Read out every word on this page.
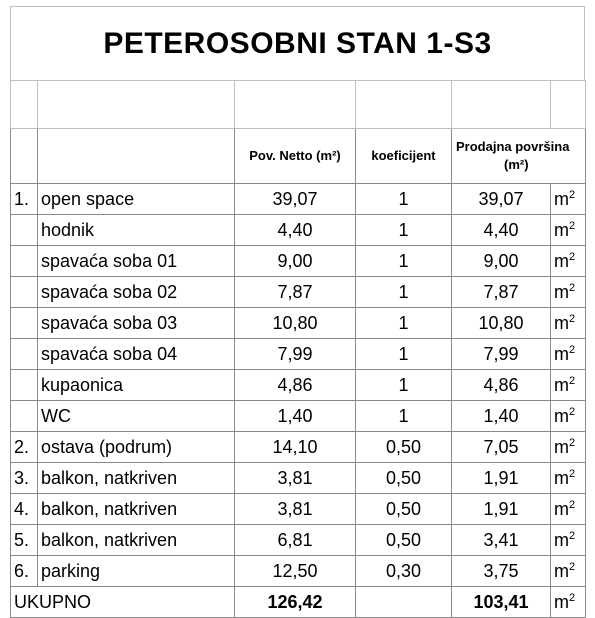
PETEROSOBNI STAN 1-S3

		Pov. Netto (m²)	koeficijent	Prodajna površina
(m²)	
1.	open space	39,07	1	39,07	$m^2$
	hodnik	4,40	1	4,40	$m^2$
	spavaća soba 01	9,00	1	9,00	$m^2$
	spavaća soba 02	7,87	1	7,87	$m^2$
	spavaća soba 03	10,80	1	10,80	$m^2$
	spavaća soba 04	7,99	1	7,99	$m^2$
	kupaonica	4,86	1	4,86	$m^2$
	WC	1,40	1	1,40	$m^2$
2.	ostava (podrum)	14,10	0,50	7,05	$m^2$
3.	balkon, natkriven	3,81	0,50	1,91	$m^2$
4.	balkon, natkriven	3,81	0,50	1,91	$m^2$
5.	balkon, natkriven	6,81	0,50	3,41	$m^2$
6.	parking	12,50	0,30	3,75	$m^2$
UKUPNO		126,42		103,41	$m^2$
